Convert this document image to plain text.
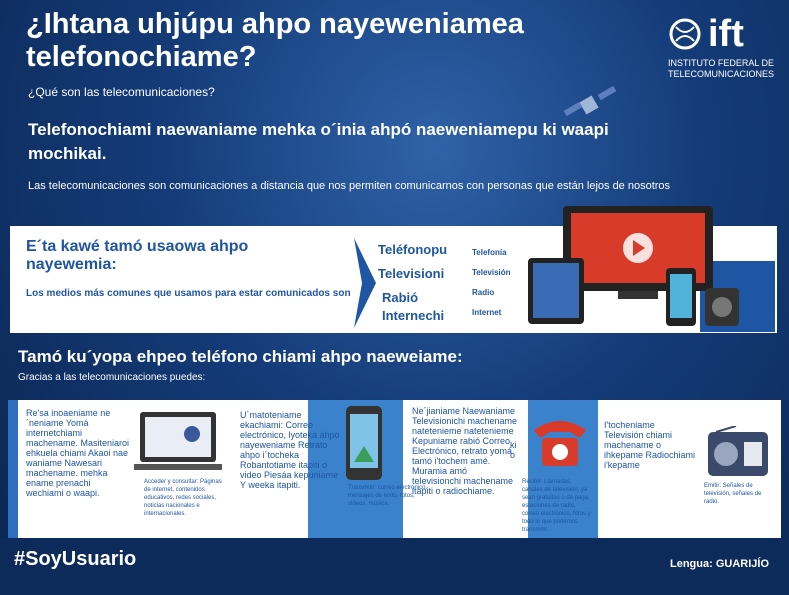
¿Ihtana uhjúpu ahpo nayeweniamea telefonochiame?
¿Qué son las telecomunicaciones?
ift
INSTITUTO FEDERAL DE TELECOMUNICACIONES

Telefonochiami naewaniame mehka o´inia ahpó naeweniamepu ki waapi mochikai.

Las telecomunicaciones son comunicaciones a distancia que nos permiten comunicarnos con personas que están lejos de nosotros
E´ta kawé tamó usaowa ahpo nayewemia:
Los medios más comunes que usamos para estar comunicados son
Teléfonopu
Televisioni
Rabió
Internechi
Telefonía
Televisión
Radio
Internet
Tamó ku´yopa ehpeo teléfono chiami ahpo naeweiame:
Gracias a las telecomunicaciones puedes:
Re'sa inoaeniame ne´neniame Yomá internetchiami machename. Masiteniaroi ehkuela chiami Akaoi nae waniame Nawesari machename. mehka ename prenachi wechiami o waapi.
Acceder y consultar: Páginas de internet, contenidos educativos, redes sociales, noticias nacionales e internacionales.
U´matoteniame ekachiami: Correo electrónico, lyoteka ahpo nayeweniame Retrato ahpo i´tocheka Robantotiame itapiti o video Piesáa kepúniame Y weeka itapiti.	Transmitir: correo electrónico, mensajes de texto, fotos, videos, música.
Ne´jianiame Naewaniame Televisionichi machename natetenieme natetenieme Kepuniame rabió Correo Electrónico, retrato yomá tamó i'tochem amé. Muramia amó televisionchi machename itapiti o radiochiame.
ki o
Recibir: Llamadas, canales de televisión, ya sean gratuitas o de paga, estaciones de radio, correo electrónico, fotos y todo lo que podemos transmitir.
I'tocheniame Televisión chiami machename o ihkepame Radiochiami i'kepame
Emitir: Señales de televisión, señales de radio.
#SoyUsuario	Lengua: GUARIJÍO
